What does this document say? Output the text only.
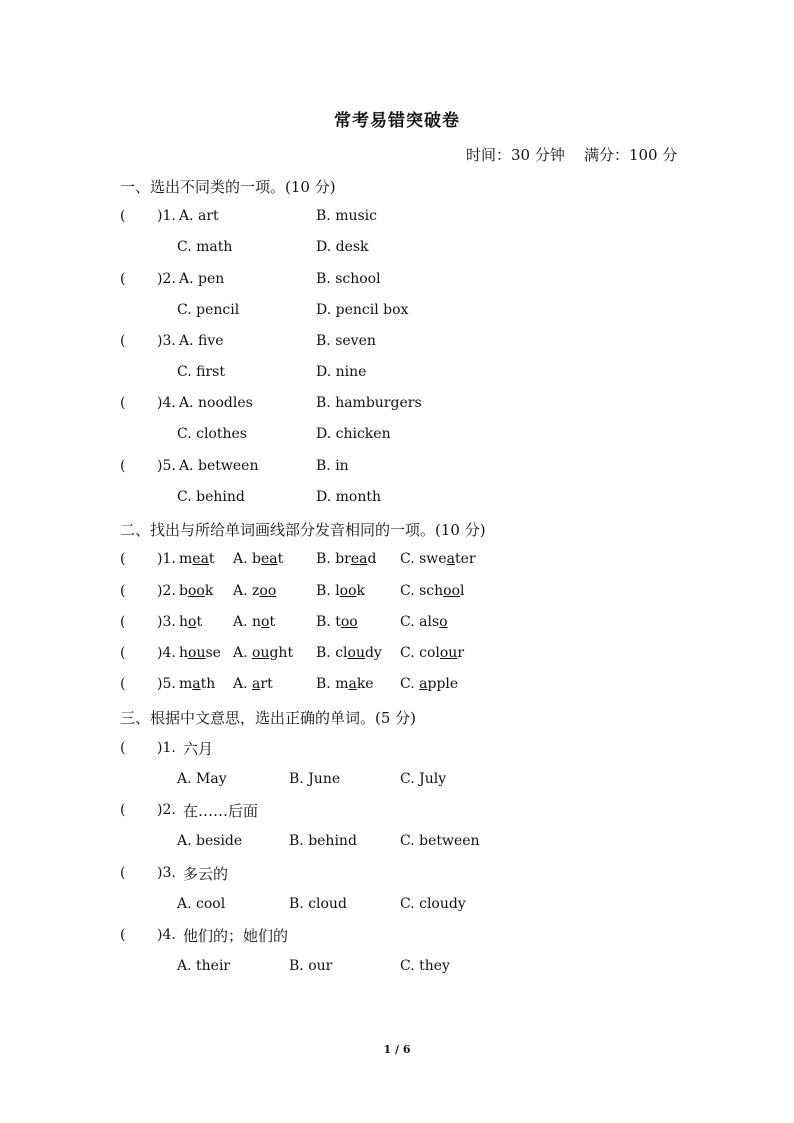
常考易错突破卷
时间：30 分钟 满分：100 分
一、选出不同类的一项。(10 分)
( )1. A. art	B. music
C. math	D. desk
( )2. A. pen	B. school
C. pencil	D. pencil box
( )3. A. five	B. seven
C. first	D. nine
( )4. A. noodles	B. hamburgers
C. clothes	D. chicken
( )5. A. between	B. in
C. behind	D. month
二、找出与所给单词画线部分发音相同的一项。(10 分)
( )1. meat A. beat B. bread C. sweater
( )2. book A. zoo	B. look C. school
( )3. hot A. not	B. too	C. also
( )4. house A. ought B. cloudy C. colour
( )5. math A. art	B. make C. apple
三、根据中文意思，选出正确的单词。(5 分)
( )1. 六月
A. May	B. June	C. July
( )2. 在……后面
A. beside	B. behind	C. between
( )3. 多云的
A. cool	B. cloud	C. cloudy
( )4. 他们的；她们的
A. their	B. our	C. they
1 / 6
